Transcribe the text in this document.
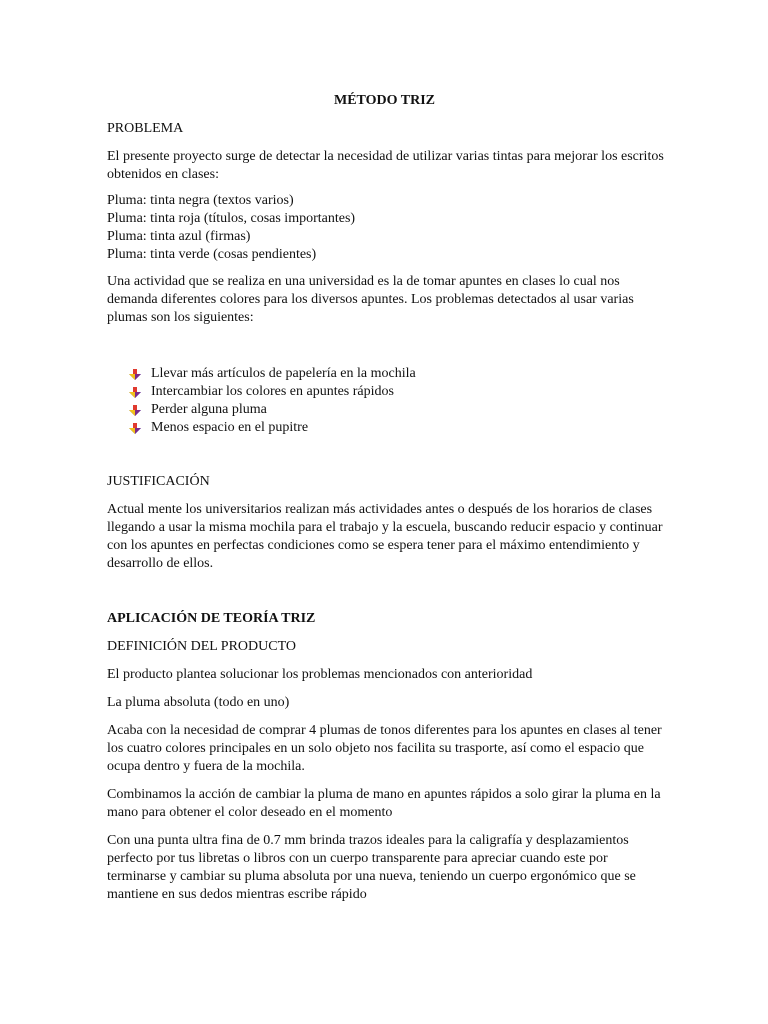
MÉTODO TRIZ
PROBLEMA
El presente proyecto surge de detectar la necesidad de utilizar varias tintas para mejorar los escritos
obtenidos en clases:
Pluma: tinta negra (textos varios)
Pluma: tinta roja (títulos, cosas importantes)
Pluma: tinta azul (firmas)
Pluma: tinta verde (cosas pendientes)
Una actividad que se realiza en una universidad es la de tomar apuntes en clases lo cual nos
demanda diferentes colores para los diversos apuntes. Los problemas detectados al usar varias
plumas son los siguientes:
Llevar más artículos de papelería en la mochila
Intercambiar los colores en apuntes rápidos
Perder alguna pluma
Menos espacio en el pupitre
JUSTIFICACIÓN
Actual mente los universitarios realizan más actividades antes o después de los horarios de clases
llegando a usar la misma mochila para el trabajo y la escuela, buscando reducir espacio y continuar
con los apuntes en perfectas condiciones como se espera tener para el máximo entendimiento y
desarrollo de ellos.
APLICACIÓN DE TEORÍA TRIZ
DEFINICIÓN DEL PRODUCTO
El producto plantea solucionar los problemas mencionados con anterioridad
La pluma absoluta (todo en uno)
Acaba con la necesidad de comprar 4 plumas de tonos diferentes para los apuntes en clases al tener
los cuatro colores principales en un solo objeto nos facilita su trasporte, así como el espacio que
ocupa dentro y fuera de la mochila.
Combinamos la acción de cambiar la pluma de mano en apuntes rápidos a solo girar la pluma en la
mano para obtener el color deseado en el momento
Con una punta ultra fina de 0.7 mm brinda trazos ideales para la caligrafía y desplazamientos
perfecto por tus libretas o libros con un cuerpo transparente para apreciar cuando este por
terminarse y cambiar su pluma absoluta por una nueva, teniendo un cuerpo ergonómico que se
mantiene en sus dedos mientras escribe rápido
